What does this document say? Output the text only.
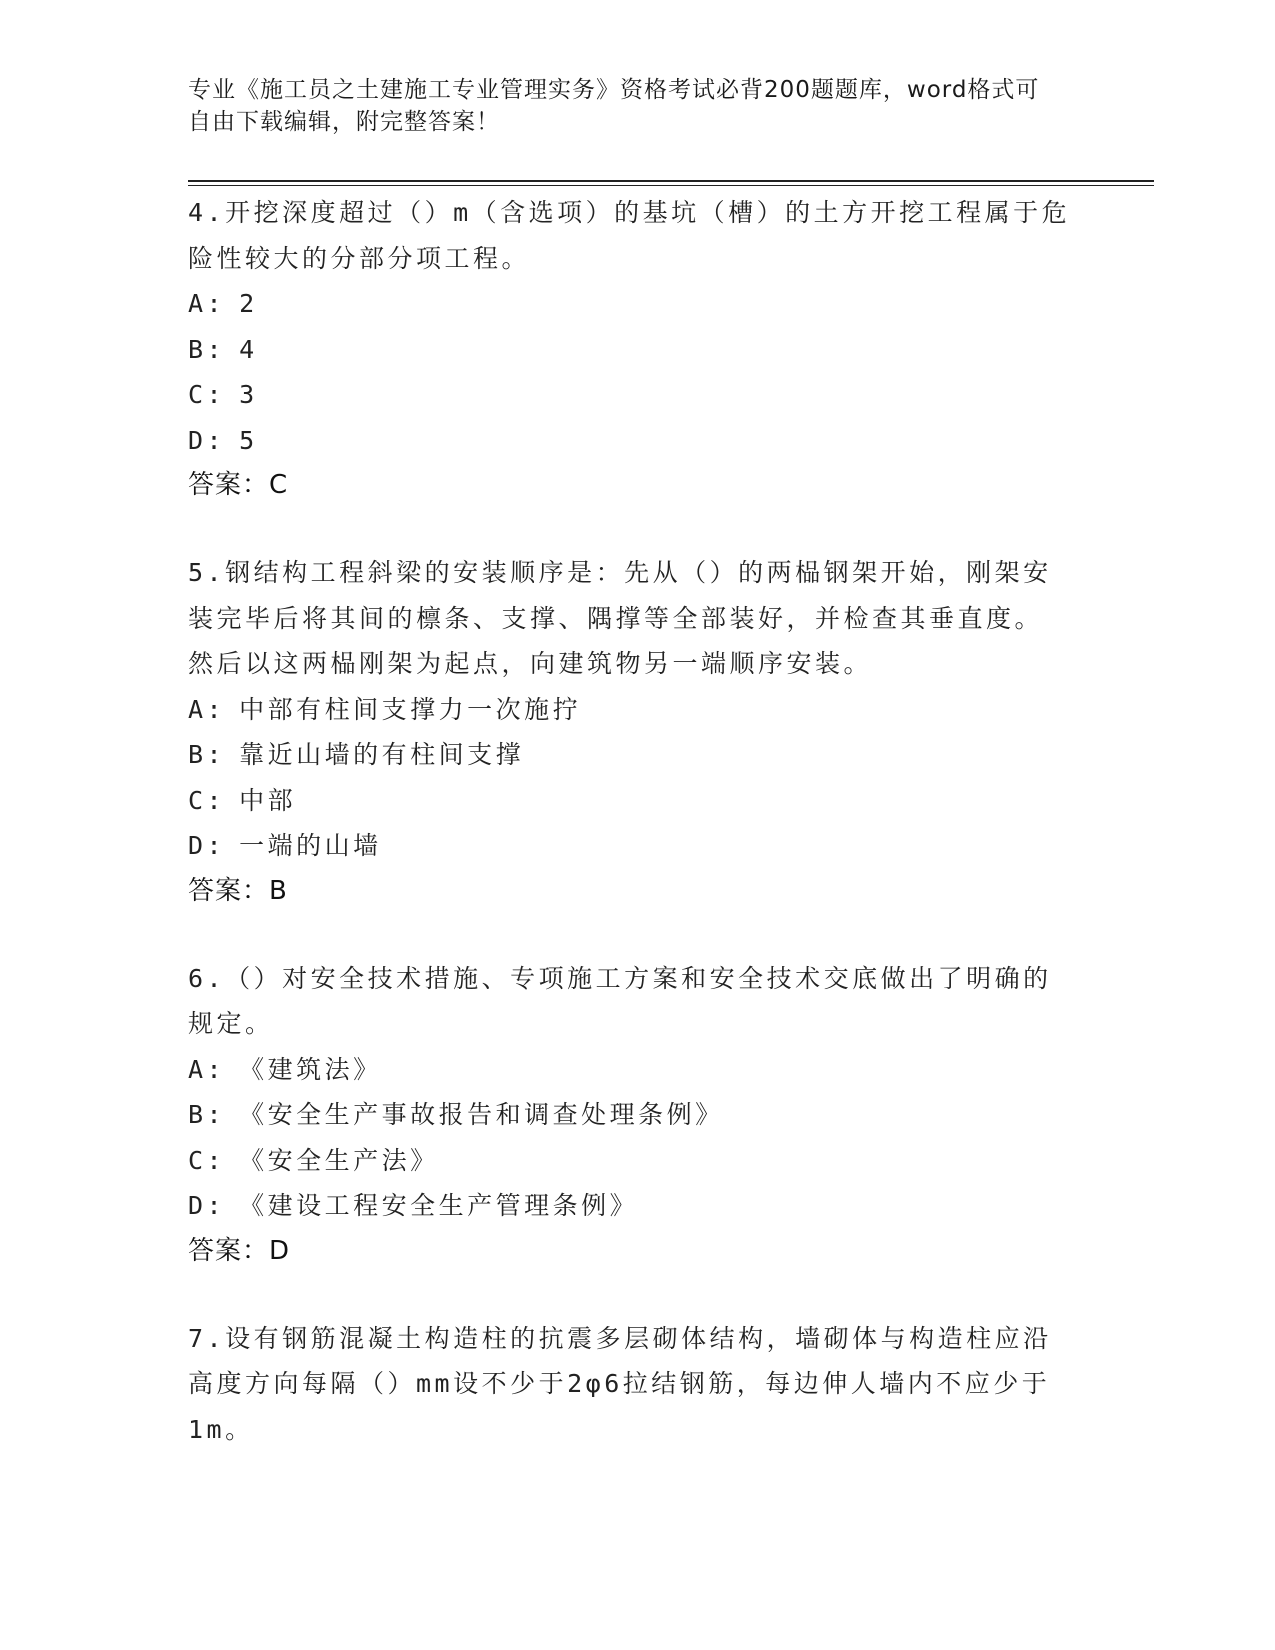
专业《施工员之土建施工专业管理实务》资格考试必背200题题库，word格式可
自由下载编辑，附完整答案！
4.开挖深度超过（）m（含选项）的基坑（槽）的土方开挖工程属于危
险性较大的分部分项工程。
A: 2
B: 4
C: 3
D: 5
答案：C
5.钢结构工程斜梁的安装顺序是：先从（）的两榀钢架开始，刚架安
装完毕后将其间的檩条、支撑、隅撑等全部装好，并检查其垂直度。
然后以这两榀刚架为起点，向建筑物另一端顺序安装。
A: 中部有柱间支撑力一次施拧
B: 靠近山墙的有柱间支撑
C: 中部
D: 一端的山墙
答案：B
6.（）对安全技术措施、专项施工方案和安全技术交底做出了明确的
规定。
A: 《建筑法》
B: 《安全生产事故报告和调查处理条例》
C: 《安全生产法》
D: 《建设工程安全生产管理条例》
答案：D
7.设有钢筋混凝土构造柱的抗震多层砌体结构，墙砌体与构造柱应沿
高度方向每隔（）mm设不少于2φ6拉结钢筋，每边伸人墙内不应少于
1m。
